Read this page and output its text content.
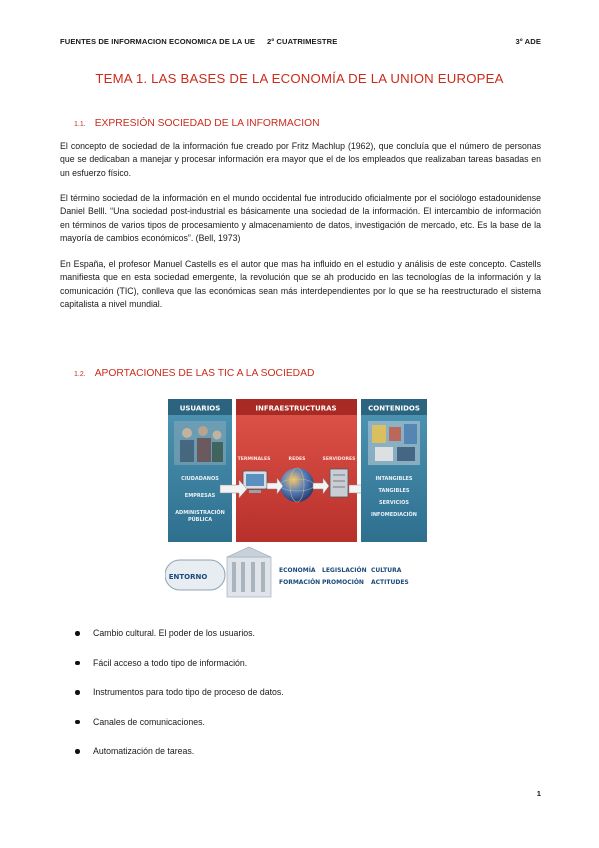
FUENTES DE INFORMACION ECONOMICA DE LA UE 2º CUATRIMESTRE	3º ADE
TEMA 1. LAS BASES DE LA ECONOMÍA DE LA UNION EUROPEA
1.1. EXPRESIÓN SOCIEDAD DE LA INFORMACION

El concepto de sociedad de la información fue creado por Fritz Machlup (1962), que concluía que el número de personas que se dedicaban a manejar y procesar información era mayor que el de los empleados que realizaban tareas basadas en un esfuerzo físico.

El término sociedad de la información en el mundo occidental fue introducido oficialmente por el sociólogo estadounidense Daniel Belll. “Una sociedad post-industrial es básicamente una sociedad de la información. El intercambio de información en términos de varios tipos de procesamiento y almacenamiento de datos, investigación de mercado, etc. Es la base de la mayoría de cambios económicos”. (Bell, 1973)

En España, el profesor Manuel Castells es el autor que mas ha influido en el estudio y análisis de este concepto. Castells manifiesta que en esta sociedad emergente, la revolución que se ah producido en las tecnologías de la información y la comunicación (TIC), conlleva que las económicas sean más interdependientes por lo que se ha reestructurado el sistema capitalista a nivel mundial.

1.2. APORTACIONES DE LAS TIC A LA SOCIEDAD
USUARIOS
CIUDADANOS
EMPRESAS
ADMINISTRACIÓN
PÚBLICA
INFRAESTRUCTURAS
TERMINALES	REDES	SERVIDORES
CONTENIDOS
INTANGIBLES
TANGIBLES
SERVICIOS
INFOMEDIACIÓN
ENTORNO
ECONOMÍA LEGISLACIÓN CULTURA
FORMACIÓN PROMOCIÓN ACTITUDES
Cambio cultural. El poder de los usuarios.
Fácil acceso a todo tipo de información.
Instrumentos para todo tipo de proceso de datos.
Canales de comunicaciones.
Automatización de tareas.
1
